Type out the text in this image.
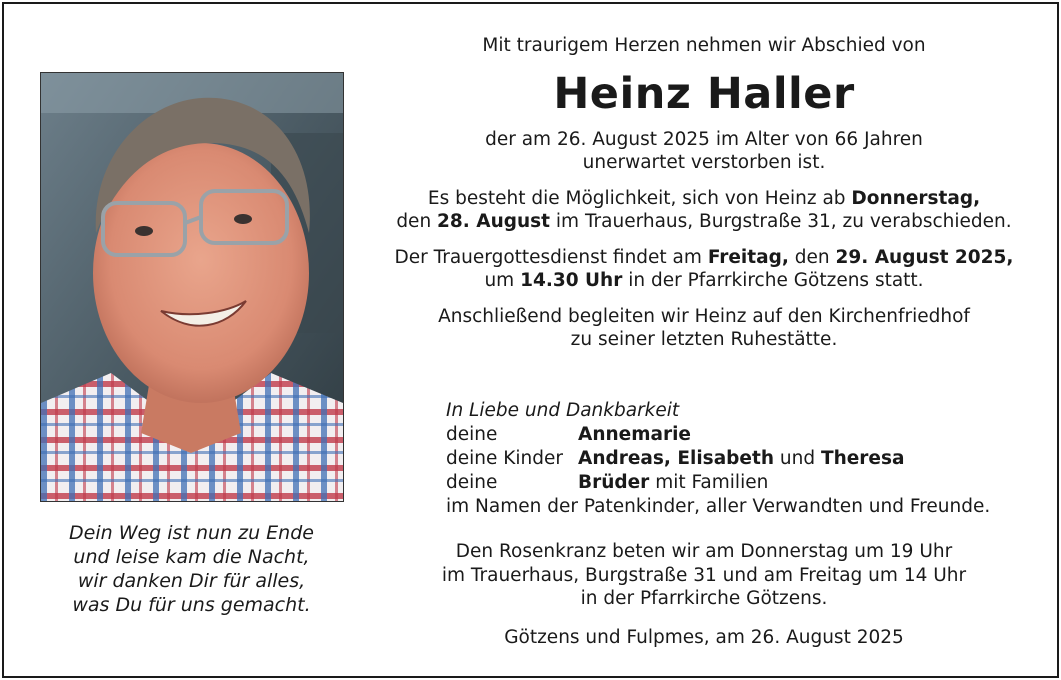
Dein Weg ist nun zu Ende
und leise kam die Nacht,
wir danken Dir für alles,
was Du für uns gemacht.
Mit traurigem Herzen nehmen wir Abschied von
Heinz Haller
der am 26. August 2025 im Alter von 66 Jahren
unerwartet verstorben ist.
Es besteht die Möglichkeit, sich von Heinz ab Donnerstag,
den 28. August im Trauerhaus, Burgstraße 31, zu verabschieden.
Der Trauergottesdienst findet am Freitag, den 29. August 2025,
um 14.30 Uhr in der Pfarrkirche Götzens statt.
Anschließend begleiten wir Heinz auf den Kirchenfriedhof
zu seiner letzten Ruhestätte.
In Liebe und Dankbarkeit
deine	Annemarie
deine Kinder Andreas, Elisabeth und Theresa
deine	Brüder mit Familien
im Namen der Patenkinder, aller Verwandten und Freunde.
Den Rosenkranz beten wir am Donnerstag um 19 Uhr
im Trauerhaus, Burgstraße 31 und am Freitag um 14 Uhr
in der Pfarrkirche Götzens.
Götzens und Fulpmes, am 26. August 2025
